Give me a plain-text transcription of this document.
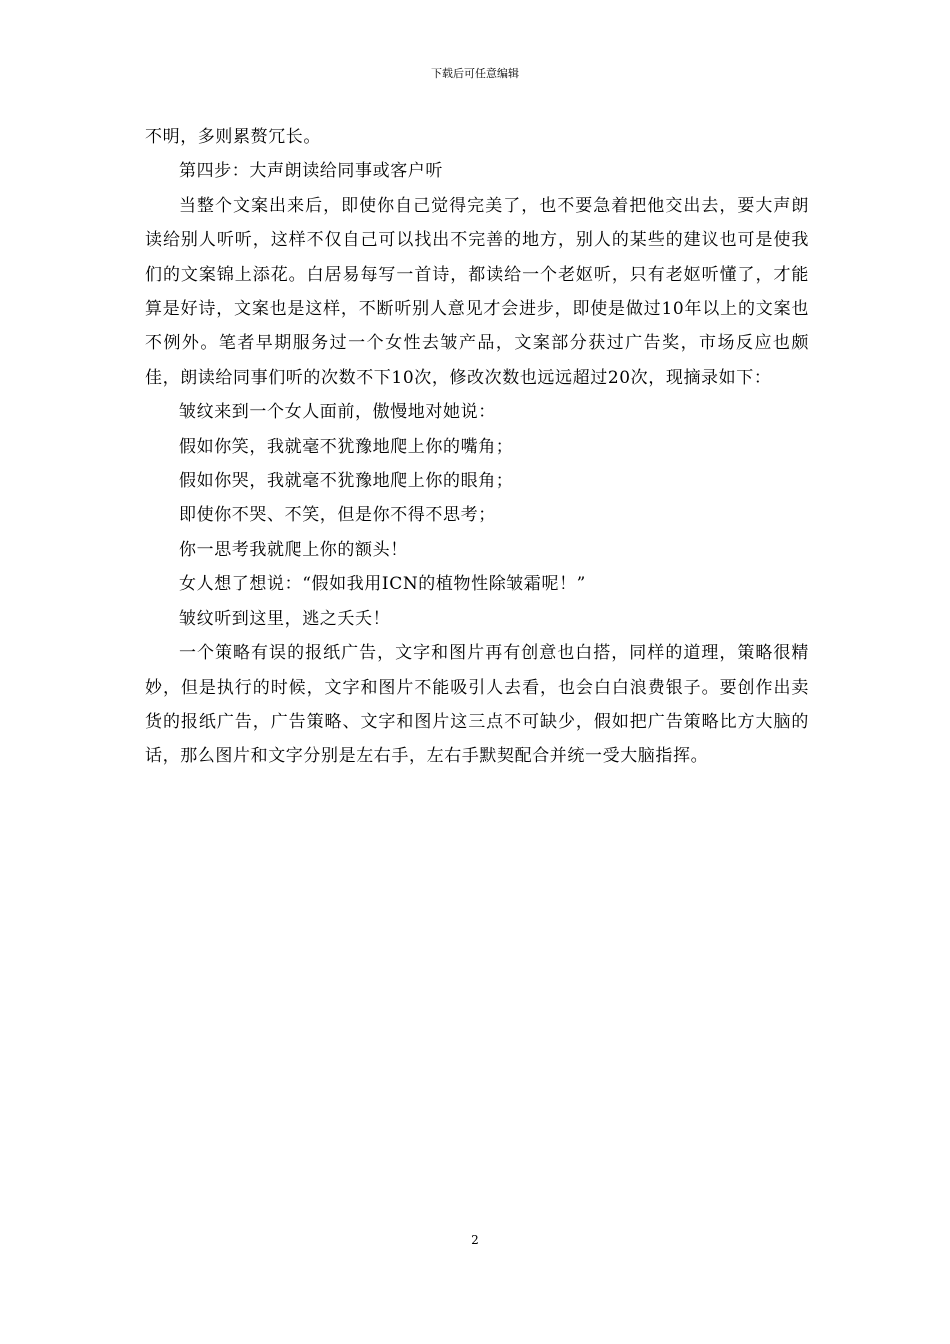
下载后可任意编辑

不明，多则累赘冗长。

第四步：大声朗读给同事或客户听

当整个文案出来后，即使你自己觉得完美了，也不要急着把他交出去，要大声朗读给别人听听，这样不仅自己可以找出不完善的地方，别人的某些的建议也可是使我们的文案锦上添花。白居易每写一首诗，都读给一个老妪听，只有老妪听懂了，才能算是好诗，文案也是这样，不断听别人意见才会进步，即使是做过10年以上的文案也不例外。笔者早期服务过一个女性去皱产品，文案部分获过广告奖，市场反应也颇佳，朗读给同事们听的次数不下10次，修改次数也远远超过20次，现摘录如下：

皱纹来到一个女人面前，傲慢地对她说：

假如你笑，我就毫不犹豫地爬上你的嘴角；

假如你哭，我就毫不犹豫地爬上你的眼角；

即使你不哭、不笑，但是你不得不思考；

你一思考我就爬上你的额头！

女人想了想说：“假如我用ICN的植物性除皱霜呢！”

皱纹听到这里，逃之夭夭！

一个策略有误的报纸广告，文字和图片再有创意也白搭，同样的道理，策略很精妙，但是执行的时候，文字和图片不能吸引人去看，也会白白浪费银子。要创作出卖货的报纸广告，广告策略、文字和图片这三点不可缺少，假如把广告策略比方大脑的话，那么图片和文字分别是左右手，左右手默契配合并统一受大脑指挥。

2
